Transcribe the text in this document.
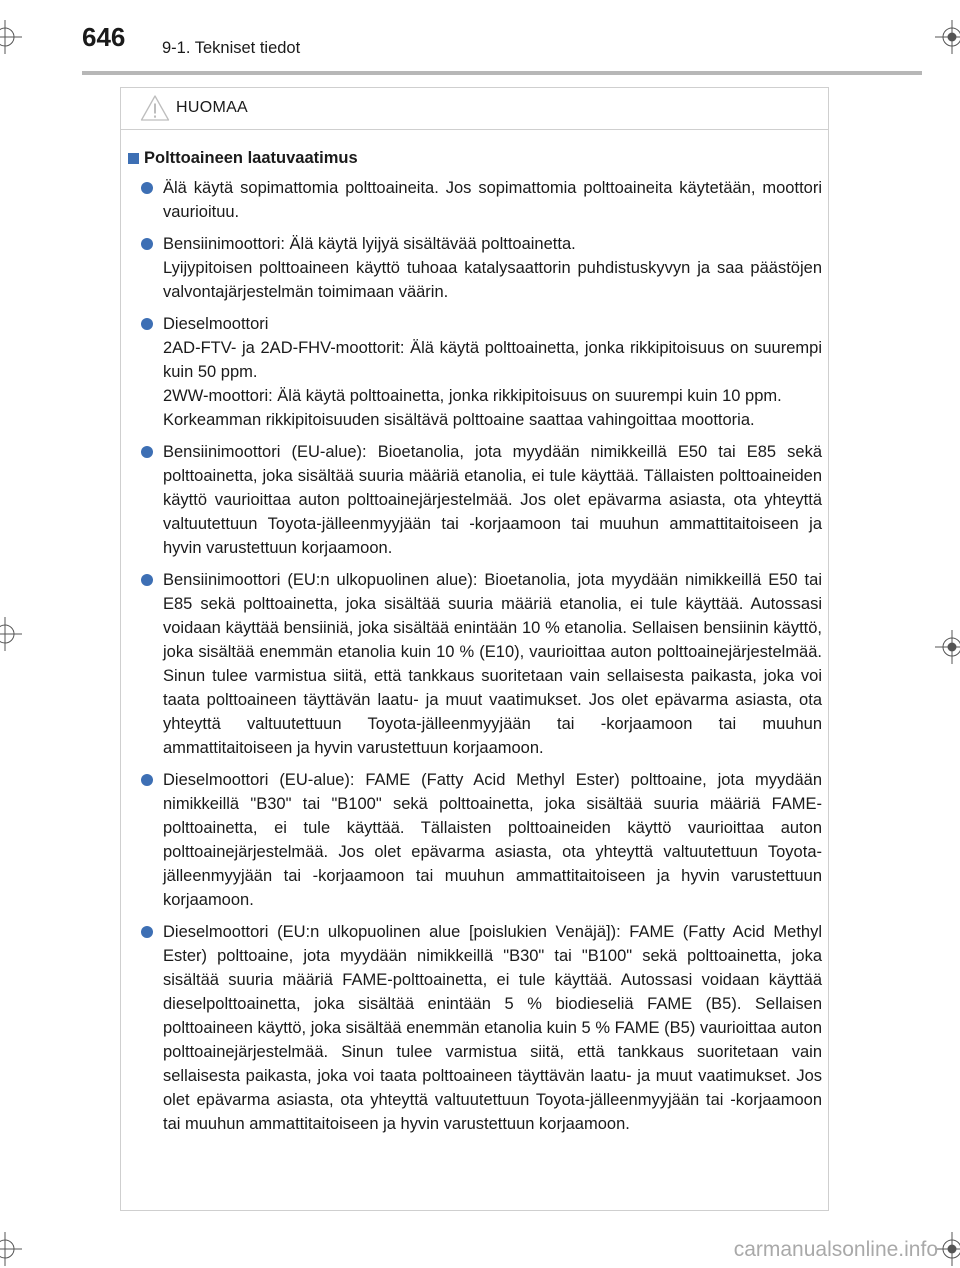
646 9-1. Tekniset tiedot
HUOMAA
Polttoaineen laatuvaatimus
Älä käytä sopimattomia polttoaineita. Jos sopimattomia polttoaineita käytetään, moottori vaurioituu.
Bensiinimoottori: Älä käytä lyijyä sisältävää polttoainetta.
Lyijypitoisen polttoaineen käyttö tuhoaa katalysaattorin puhdistuskyvyn ja saa päästöjen valvontajärjestelmän toimimaan väärin.
Dieselmoottori
2AD-FTV- ja 2AD-FHV-moottorit: Älä käytä polttoainetta, jonka rikkipitoisuus on suurempi kuin 50 ppm.
2WW-moottori: Älä käytä polttoainetta, jonka rikkipitoisuus on suurempi kuin 10 ppm.
Korkeamman rikkipitoisuuden sisältävä polttoaine saattaa vahingoittaa moottoria.
Bensiinimoottori (EU-alue): Bioetanolia, jota myydään nimikkeillä E50 tai E85 sekä polttoainetta, joka sisältää suuria määriä etanolia, ei tule käyttää. Tällaisten polttoaineiden käyttö vaurioittaa auton polttoainejärjestelmää. Jos olet epävarma asiasta, ota yhteyttä valtuutettuun Toyota-jälleenmyyjään tai -korjaamoon tai muuhun ammattitaitoiseen ja hyvin varustettuun korjaamoon.
Bensiinimoottori (EU:n ulkopuolinen alue): Bioetanolia, jota myydään nimikkeillä E50 tai E85 sekä polttoainetta, joka sisältää suuria määriä etanolia, ei tule käyttää. Autossasi voidaan käyttää bensiiniä, joka sisältää enintään 10 % etanolia. Sellaisen bensiinin käyttö, joka sisältää enemmän etanolia kuin 10 % (E10), vaurioittaa auton polttoainejärjestelmää. Sinun tulee varmistua siitä, että tankkaus suoritetaan vain sellaisesta paikasta, joka voi taata polttoaineen täyttävän laatu- ja muut vaatimukset. Jos olet epävarma asiasta, ota yhteyttä valtuutettuun Toyota-jälleenmyyjään tai -korjaamoon tai muuhun ammattitaitoiseen ja hyvin varustettuun korjaamoon.
Dieselmoottori (EU-alue): FAME (Fatty Acid Methyl Ester) polttoaine, jota myydään nimikkeillä "B30" tai "B100" sekä polttoainetta, joka sisältää suuria määriä FAME-polttoainetta, ei tule käyttää. Tällaisten polttoaineiden käyttö vaurioittaa auton polttoainejärjestelmää. Jos olet epävarma asiasta, ota yhteyttä valtuutettuun Toyota-jälleenmyyjään tai -korjaamoon tai muuhun ammattitaitoiseen ja hyvin varustettuun korjaamoon.
Dieselmoottori (EU:n ulkopuolinen alue [poislukien Venäjä]): FAME (Fatty Acid Methyl Ester) polttoaine, jota myydään nimikkeillä "B30" tai "B100" sekä polttoainetta, joka sisältää suuria määriä FAME-polttoainetta, ei tule käyttää. Autossasi voidaan käyttää dieselpolttoainetta, joka sisältää enintään 5 % biodieseliä FAME (B5). Sellaisen polttoaineen käyttö, joka sisältää enemmän etanolia kuin 5 % FAME (B5) vaurioittaa auton polttoainejärjestelmää. Sinun tulee varmistua siitä, että tankkaus suoritetaan vain sellaisesta paikasta, joka voi taata polttoaineen täyttävän laatu- ja muut vaatimukset. Jos olet epävarma asiasta, ota yhteyttä valtuutettuun Toyota-jälleenmyyjään tai -korjaamoon tai muuhun ammattitaitoiseen ja hyvin varustettuun korjaamoon.
carmanualsonline.info
